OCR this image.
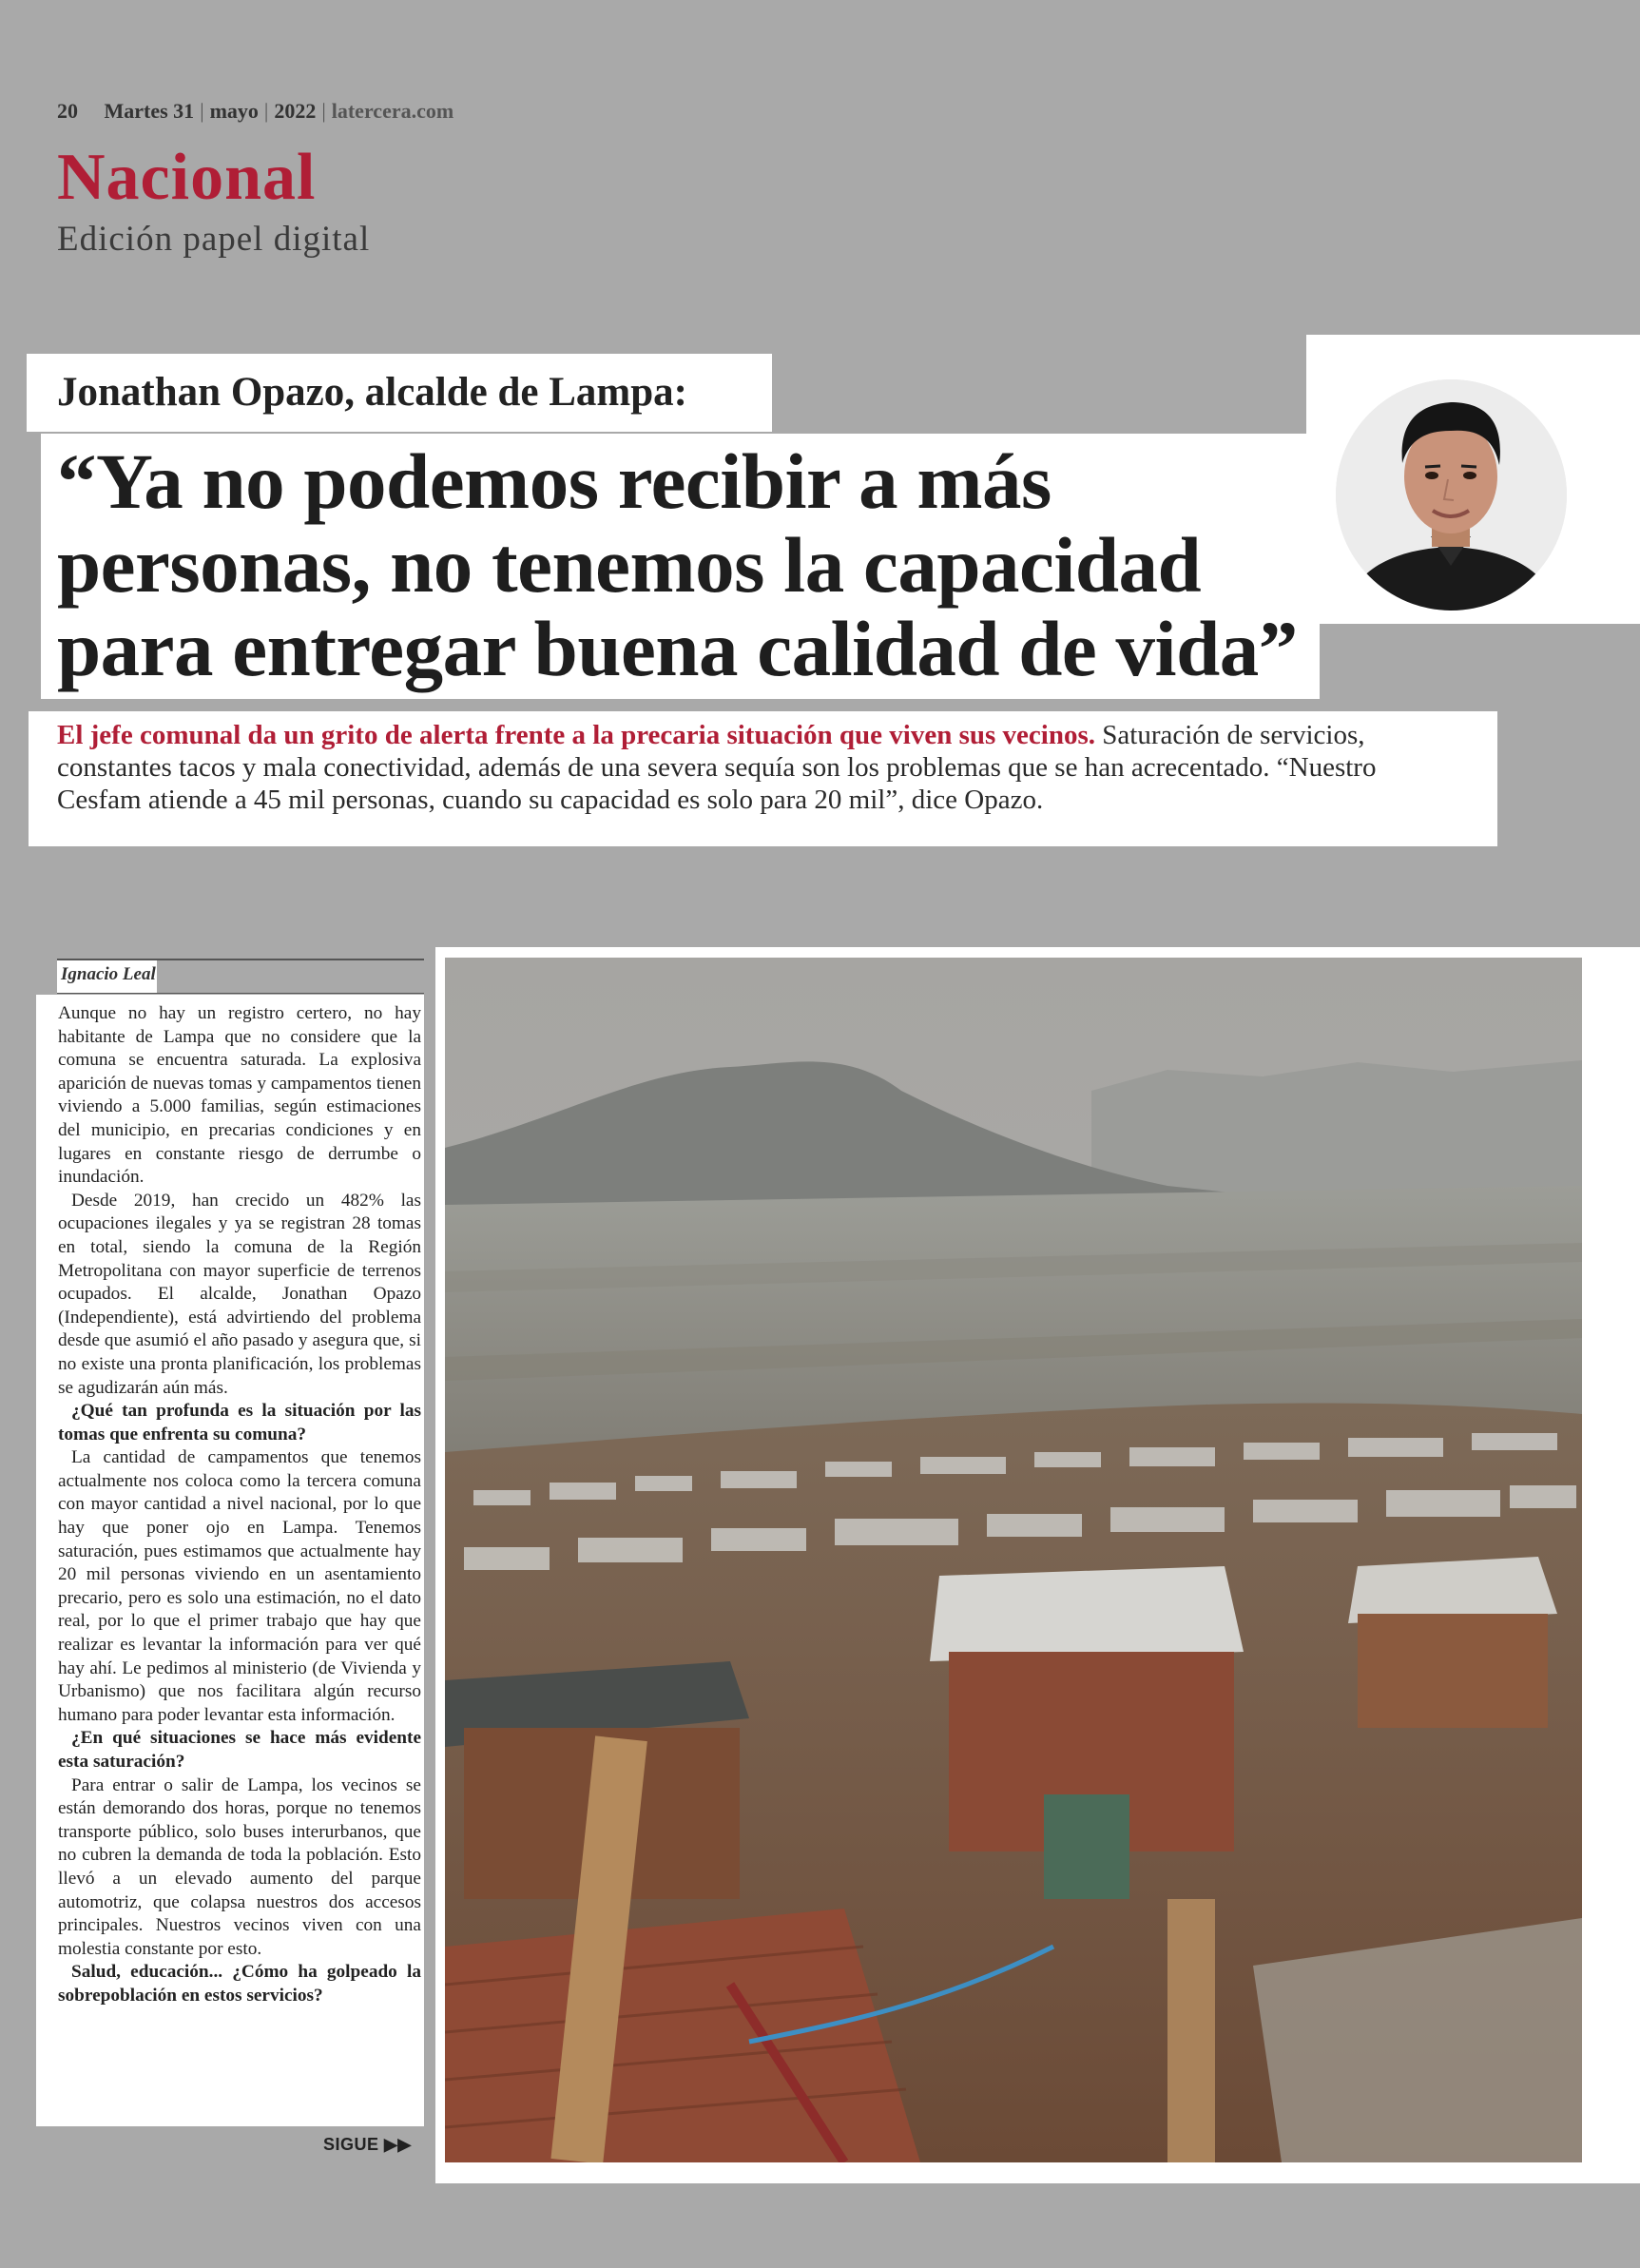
20 Martes 31 | mayo | 2022 | latercera.com
Nacional
Edición papel digital
Jonathan Opazo, alcalde de Lampa:
“Ya no podemos recibir a más personas, no tenemos la capacidad para entregar buena calidad de vida”
El jefe comunal da un grito de alerta frente a la precaria situación que viven sus vecinos. Saturación de servicios, constantes tacos y mala conectividad, además de una severa sequía son los problemas que se han acrecentado. “Nuestro Cesfam atiende a 45 mil personas, cuando su capacidad es solo para 20 mil”, dice Opazo.
Ignacio Leal

Aunque no hay un registro certero, no hay habitante de Lampa que no considere que la comuna se encuentra saturada. La explosiva aparición de nuevas tomas y campamentos tienen viviendo a 5.000 familias, según estimaciones del municipio, en precarias condiciones y en lugares en constante riesgo de derrumbe o inundación.

Desde 2019, han crecido un 482% las ocupaciones ilegales y ya se registran 28 tomas en total, siendo la comuna de la Región Metropolitana con mayor superficie de terrenos ocupados. El alcalde, Jonathan Opazo (Independiente), está advirtiendo del problema desde que asumió el año pasado y asegura que, si no existe una pronta planificación, los problemas se agudizarán aún más.

¿Qué tan profunda es la situación por las tomas que enfrenta su comuna?

La cantidad de campamentos que tenemos actualmente nos coloca como la tercera comuna con mayor cantidad a nivel nacional, por lo que hay que poner ojo en Lampa. Tenemos saturación, pues estimamos que actualmente hay 20 mil personas viviendo en un asentamiento precario, pero es solo una estimación, no el dato real, por lo que el primer trabajo que hay que realizar es levantar la información para ver qué hay ahí. Le pedimos al ministerio (de Vivienda y Urbanismo) que nos facilitara algún recurso humano para poder levantar esta información.

¿En qué situaciones se hace más evidente esta saturación?

Para entrar o salir de Lampa, los vecinos se están demorando dos horas, porque no tenemos transporte público, solo buses interurbanos, que no cubren la demanda de toda la población. Esto llevó a un elevado aumento del parque automotriz, que colapsa nuestros dos accesos principales. Nuestros vecinos viven con una molestia constante por esto.

Salud, educación... ¿Cómo ha golpeado la sobrepoblación en estos servicios?

SIGUE ▶▶
